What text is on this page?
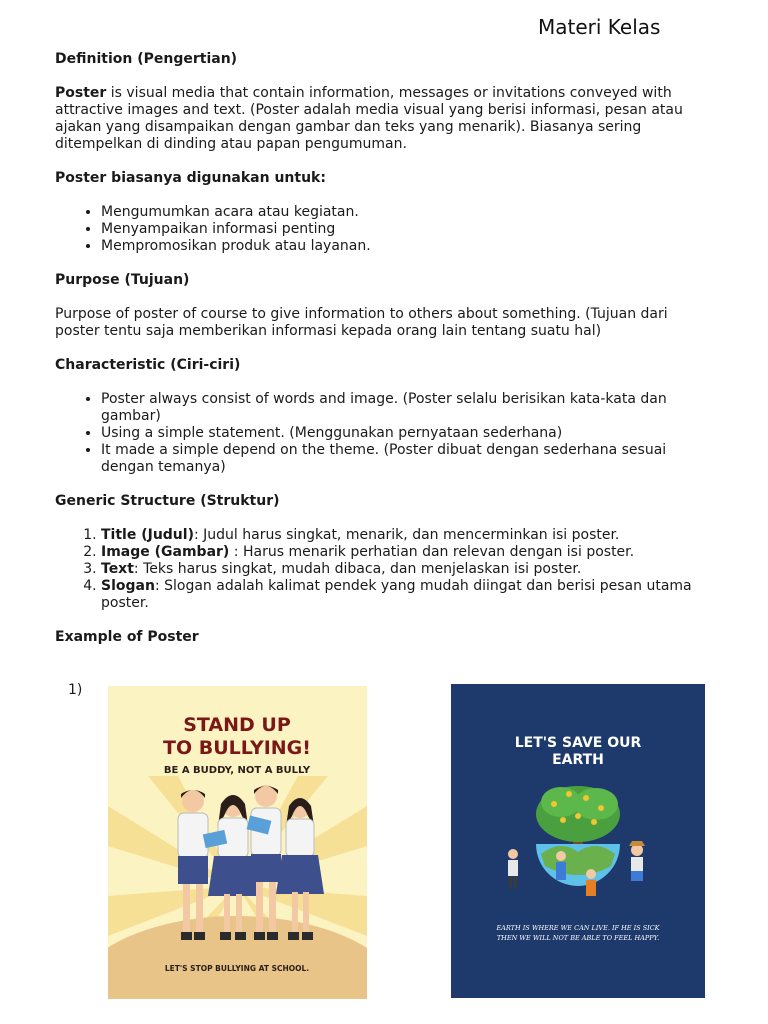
Materi Kelas
Definition (Pengertian)

Poster is visual media that contain information, messages or invitations conveyed with attractive images and text. (Poster adalah media visual yang berisi informasi, pesan atau ajakan yang disampaikan dengan gambar dan teks yang menarik). Biasanya sering ditempelkan di dinding atau papan pengumuman.

Poster biasanya digunakan untuk:
• Mengumumkan acara atau kegiatan.
• Menyampaikan informasi penting
• Mempromosikan produk atau layanan.
Purpose (Tujuan)

Purpose of poster of course to give information to others about something. (Tujuan dari poster tentu saja memberikan informasi kepada orang lain tentang suatu hal)

Characteristic (Ciri-ciri)
• Poster always consist of words and image. (Poster selalu berisikan kata-kata dan gambar)
• Using a simple statement. (Menggunakan pernyataan sederhana)
• It made a simple depend on the theme. (Poster dibuat dengan sederhana sesuai dengan temanya)
Generic Structure (Struktur)
1. Title (Judul): Judul harus singkat, menarik, dan mencerminkan isi poster.
2. Image (Gambar) : Harus menarik perhatian dan relevan dengan isi poster.
3. Text: Teks harus singkat, mudah dibaca, dan menjelaskan isi poster.
4. Slogan: Slogan adalah kalimat pendek yang mudah diingat dan berisi pesan utama poster.
Example of Poster
1)
STAND UP
TO BULLYING!
BE A BUDDY, NOT A BULLY
LET'S STOP BULLYING AT SCHOOL.
LET'S SAVE OUR
EARTH
EARTH IS WHERE WE CAN LIVE. IF HE IS SICK
THEN WE WILL NOT BE ABLE TO FEEL HAPPY.
